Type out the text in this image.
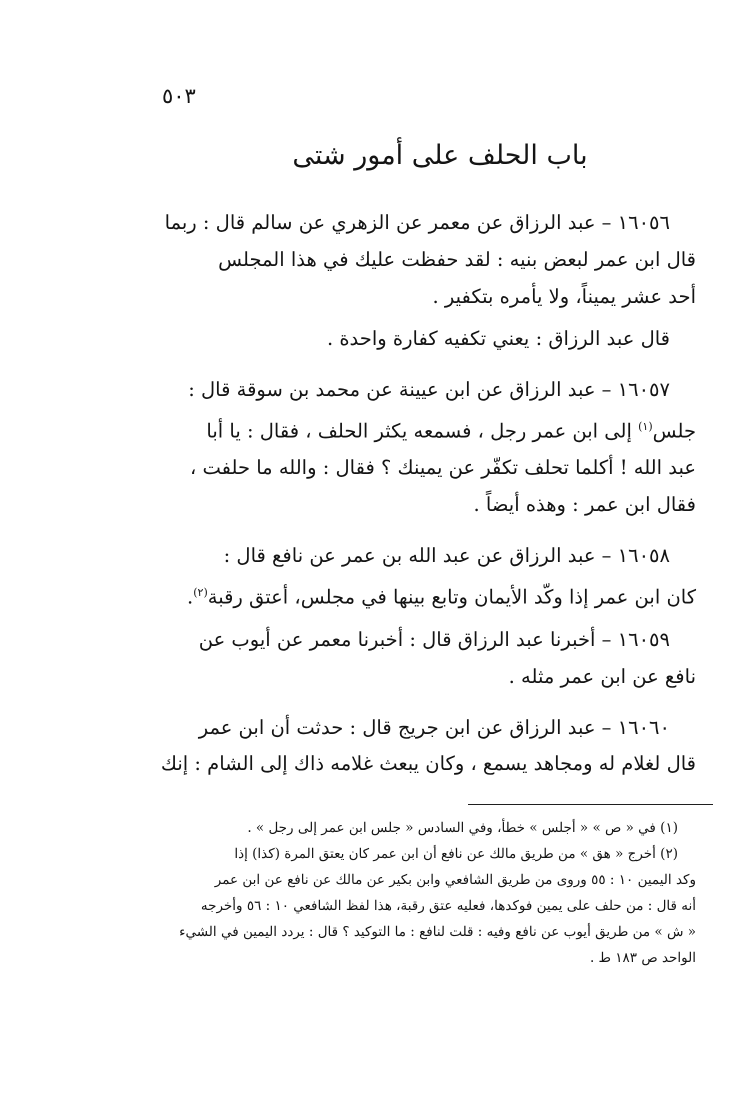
٥٠٣
باب الحلف على أمور شتى

١٦٠٥٦ – عبد الرزاق عن معمر عن الزهري عن سالم قال : ربما

قال ابن عمر لبعض بنيه : لقد حفظت عليك في هذا المجلس

أحد عشر يميناً، ولا يأمره بتكفير .

قال عبد الرزاق : يعني تكفيه كفارة واحدة .

١٦٠٥٧ – عبد الرزاق عن ابن عيينة عن محمد بن سوقة قال :

جلس$^{(١)}$ إلى ابن عمر رجل ، فسمعه يكثر الحلف ، فقال : يا أبا

عبد الله ! أكلما تحلف تكفّر عن يمينك ؟ فقال : والله ما حلفت ،

فقال ابن عمر : وهذه أيضاً .

١٦٠٥٨ – عبد الرزاق عن عبد الله بن عمر عن نافع قال :

كان ابن عمر إذا وكّد الأيمان وتابع بينها في مجلس، أعتق رقبة$^{(٢)}$.

١٦٠٥٩ – أخبرنا عبد الرزاق قال : أخبرنا معمر عن أيوب عن

نافع عن ابن عمر مثله .

١٦٠٦٠ – عبد الرزاق عن ابن جريج قال : حدثت أن ابن عمر

قال لغلام له ومجاهد يسمع ، وكان يبعث غلامه ذاك إلى الشام : إنك

(١) في « ص » « أجلس » خطأ، وفي السادس « جلس ابن عمر إلى رجل » .

(٢) أخرج « هق » من طريق مالك عن نافع أن ابن عمر كان يعتق المرة (كذا) إذا

وكد اليمين ١٠ : ٥٥ وروى من طريق الشافعي وابن بكير عن مالك عن نافع عن ابن عمر

أنه قال : من حلف على يمين فوكدها، فعليه عتق رقبة، هذا لفظ الشافعي ١٠ : ٥٦ وأخرجه

« ش » من طريق أيوب عن نافع وفيه : قلت لنافع : ما التوكيد ؟ قال : يردد اليمين في الشيء

الواحد ص ١٨٣ ط .
